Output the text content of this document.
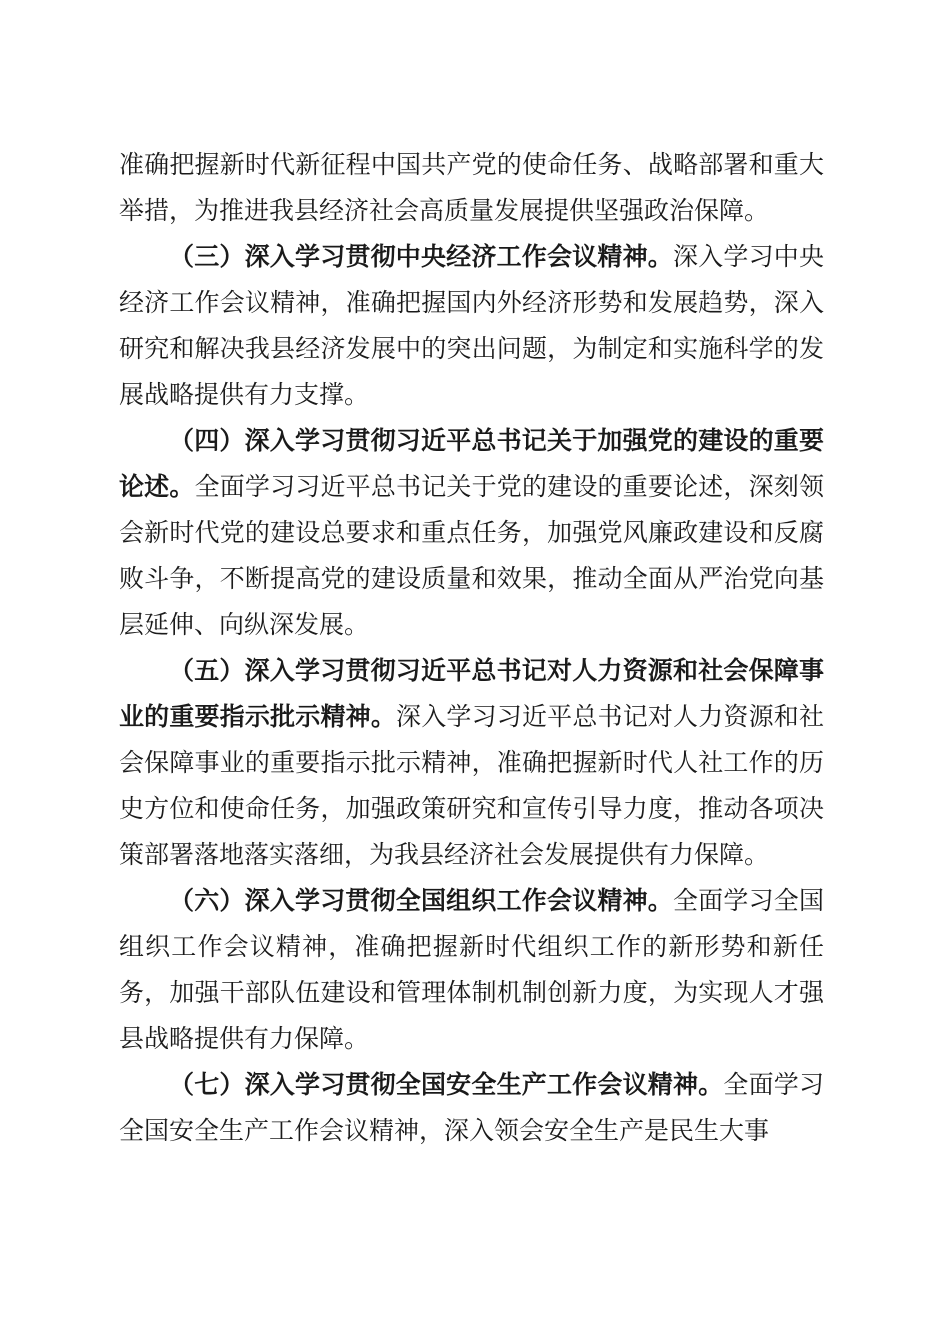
准确把握新时代新征程中国共产党的使命任务、战略部署和重大举措，为推进我县经济社会高质量发展提供坚强政治保障。

（三）深入学习贯彻中央经济工作会议精神。深入学习中央经济工作会议精神，准确把握国内外经济形势和发展趋势，深入研究和解决我县经济发展中的突出问题，为制定和实施科学的发展战略提供有力支撑。

（四）深入学习贯彻习近平总书记关于加强党的建设的重要论述。全面学习习近平总书记关于党的建设的重要论述，深刻领会新时代党的建设总要求和重点任务，加强党风廉政建设和反腐败斗争，不断提高党的建设质量和效果，推动全面从严治党向基层延伸、向纵深发展。

（五）深入学习贯彻习近平总书记对人力资源和社会保障事业的重要指示批示精神。深入学习习近平总书记对人力资源和社会保障事业的重要指示批示精神，准确把握新时代人社工作的历史方位和使命任务，加强政策研究和宣传引导力度，推动各项决策部署落地落实落细，为我县经济社会发展提供有力保障。

（六）深入学习贯彻全国组织工作会议精神。全面学习全国组织工作会议精神，准确把握新时代组织工作的新形势和新任务，加强干部队伍建设和管理体制机制创新力度，为实现人才强县战略提供有力保障。

（七）深入学习贯彻全国安全生产工作会议精神。全面学习全国安全生产工作会议精神，深入领会安全生产是民生大事
